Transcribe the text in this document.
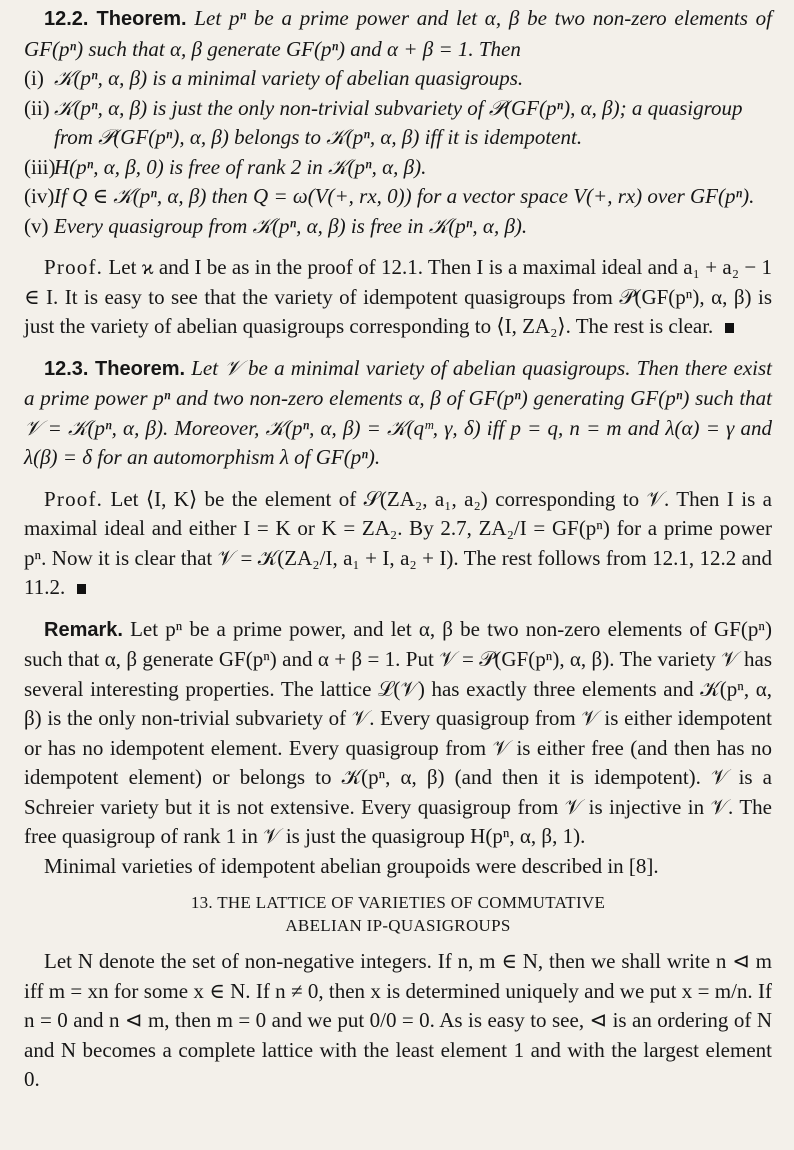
12.2. Theorem. Let pⁿ be a prime power and let α, β be two non-zero elements of GF(pⁿ) such that α, β generate GF(pⁿ) and α + β = 1. Then

(i) 𝒦(pⁿ, α, β) is a minimal variety of abelian quasigroups.
(ii) 𝒦(pⁿ, α, β) is just the only non-trivial subvariety of 𝒫(GF(pⁿ), α, β); a quasigroup from 𝒫(GF(pⁿ), α, β) belongs to 𝒦(pⁿ, α, β) iff it is idempotent.
(iii)
H(pⁿ, α, β, 0) is free of rank 2 in 𝒦(pⁿ, α, β).
(iv) If Q ∈ 𝒦(pⁿ, α, β) then Q = ω(V(+, rx, 0)) for a vector space V(+, rx) over GF(pⁿ).
(v) Every quasigroup from 𝒦(pⁿ, α, β) is free in 𝒦(pⁿ, α, β).

Proof. Let ϰ and I be as in the proof of 12.1. Then I is a maximal ideal and a₁ + a₂ − 1 ∈ I. It is easy to see that the variety of idempotent quasigroups from 𝒫(GF(pⁿ), α, β) is just the variety of abelian quasigroups corresponding to ⟨I, ZA₂⟩. The rest is clear.

12.3. Theorem. Let 𝒱 be a minimal variety of abelian quasigroups. Then there exist a prime power pⁿ and two non-zero elements α, β of GF(pⁿ) generating GF(pⁿ) such that 𝒱 = 𝒦(pⁿ, α, β). Moreover, 𝒦(pⁿ, α, β) = 𝒦(qᵐ, γ, δ) iff p = q, n = m and λ(α) = γ and λ(β) = δ for an automorphism λ of GF(pⁿ).

Proof. Let ⟨I, K⟩ be the element of 𝒮(ZA₂, a₁, a₂) corresponding to 𝒱. Then I is a maximal ideal and either I = K or K = ZA₂. By 2.7, ZA₂/I = GF(pⁿ) for a prime power pⁿ. Now it is clear that 𝒱 = 𝒦(ZA₂/I, a₁ + I, a₂ + I). The rest follows from 12.1, 12.2 and 11.2.

Remark. Let pⁿ be a prime power, and let α, β be two non-zero elements of GF(pⁿ) such that α, β generate GF(pⁿ) and α + β = 1. Put 𝒱 = 𝒫(GF(pⁿ), α, β). The variety 𝒱 has several interesting properties. The lattice ℒ(𝒱) has exactly three elements and 𝒦(pⁿ, α, β) is the only non-trivial subvariety of 𝒱. Every quasigroup from 𝒱 is either idempotent or has no idempotent element. Every quasigroup from 𝒱 is either free (and then has no idempotent element) or belongs to 𝒦(pⁿ, α, β) (and then it is idempotent). 𝒱 is a Schreier variety but it is not extensive. Every quasigroup from 𝒱 is injective in 𝒱. The free quasigroup of rank 1 in 𝒱 is just the quasigroup H(pⁿ, α, β, 1).

Minimal varieties of idempotent abelian groupoids were described in [8].

13. THE LATTICE OF VARIETIES OF COMMUTATIVE
ABELIAN IP-QUASIGROUPS

Let N denote the set of non-negative integers. If n, m ∈ N, then we shall write n ⊲ m iff m = xn for some x ∈ N. If n ≠ 0, then x is determined uniquely and we put x = m/n. If n = 0 and n ⊲ m, then m = 0 and we put 0/0 = 0. As is easy to see, ⊲ is an ordering of N and N becomes a complete lattice with the least element 1 and with the largest element 0.
